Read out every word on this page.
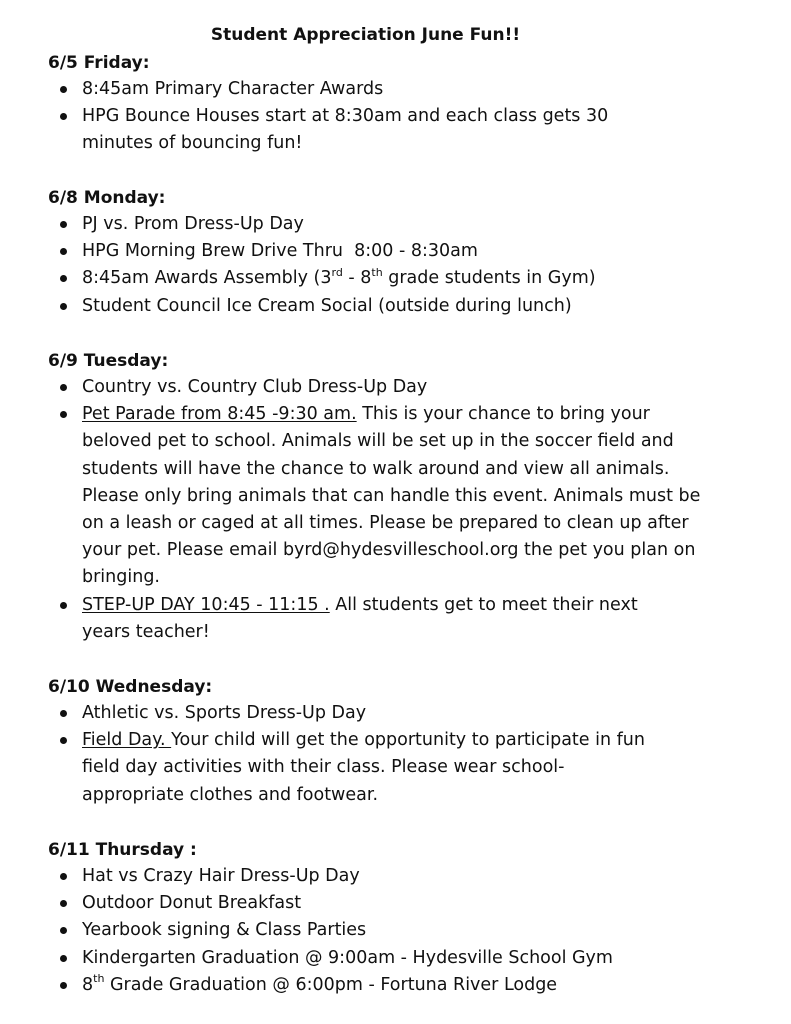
Student Appreciation June Fun!!
6/5 Friday:
8:45am Primary Character Awards
HPG Bounce Houses start at 8:30am and each class gets 30 minutes of bouncing fun!
6/8 Monday:
PJ vs. Prom Dress-Up Day
HPG Morning Brew Drive Thru  8:00 - 8:30am
8:45am Awards Assembly (3rd - 8th grade students in Gym)
Student Council Ice Cream Social (outside during lunch)
6/9 Tuesday:
Country vs. Country Club Dress-Up Day
Pet Parade from 8:45 -9:30 am. This is your chance to bring your beloved pet to school. Animals will be set up in the soccer field and students will have the chance to walk around and view all animals. Please only bring animals that can handle this event. Animals must be on a leash or caged at all times. Please be prepared to clean up after your pet. Please email byrd@hydesvilleschool.org the pet you plan on bringing.
STEP-UP DAY 10:45 - 11:15 . All students get to meet their next years teacher!
6/10 Wednesday:
Athletic vs. Sports Dress-Up Day
Field Day. Your child will get the opportunity to participate in fun field day activities with their class. Please wear school-appropriate clothes and footwear.
6/11 Thursday :
Hat vs Crazy Hair Dress-Up Day
Outdoor Donut Breakfast
Yearbook signing & Class Parties
Kindergarten Graduation @ 9:00am - Hydesville School Gym
8th Grade Graduation @ 6:00pm - Fortuna River Lodge
